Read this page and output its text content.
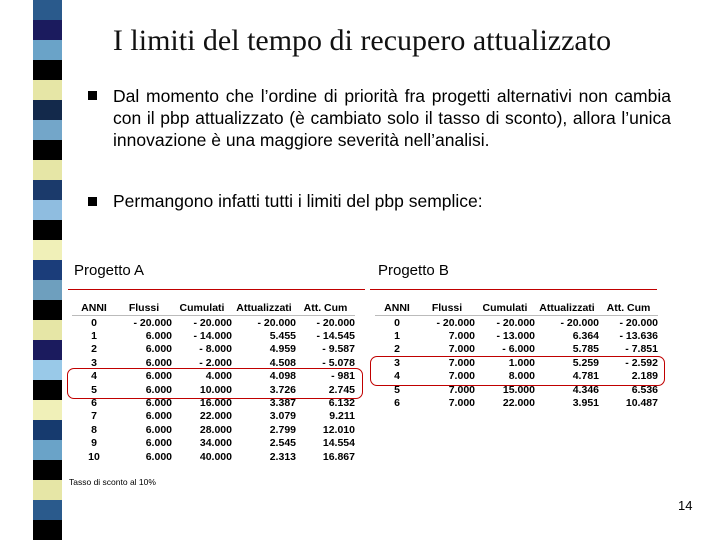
I limiti del tempo di recupero attualizzato
Dal momento che l’ordine di priorità fra progetti alternativi non cambia con il pbp attualizzato (è cambiato solo il tasso di sconto), allora l’unica innovazione è una maggiore severità nell’analisi.
Permangono infatti tutti i limiti del pbp semplice:
Progetto A	Progetto B
ANNI	Flussi	Cumulati	Attualizzati	Att. Cum
0	- 20.000	- 20.000	- 20.000	- 20.000
1	6.000	- 14.000	5.455	- 14.545
2	6.000	- 8.000	4.959	- 9.587
3	6.000	- 2.000	4.508	- 5.078
4	6.000	4.000	4.098	- 981
5	6.000	10.000	3.726	2.745
6	6.000	16.000	3.387	6.132
7	6.000	22.000	3.079	9.211
8	6.000	28.000	2.799	12.010
9	6.000	34.000	2.545	14.554
10	6.000	40.000	2.313	16.867
ANNI	Flussi	Cumulati	Attualizzati	Att. Cum
0	- 20.000	- 20.000	- 20.000	- 20.000
1	7.000	- 13.000	6.364	- 13.636
2	7.000	- 6.000	5.785	- 7.851
3	7.000	1.000	5.259	- 2.592
4	7.000	8.000	4.781	2.189
5	7.000	15.000	4.346	6.536
6	7.000	22.000	3.951	10.487
Tasso di sconto al 10%
14
